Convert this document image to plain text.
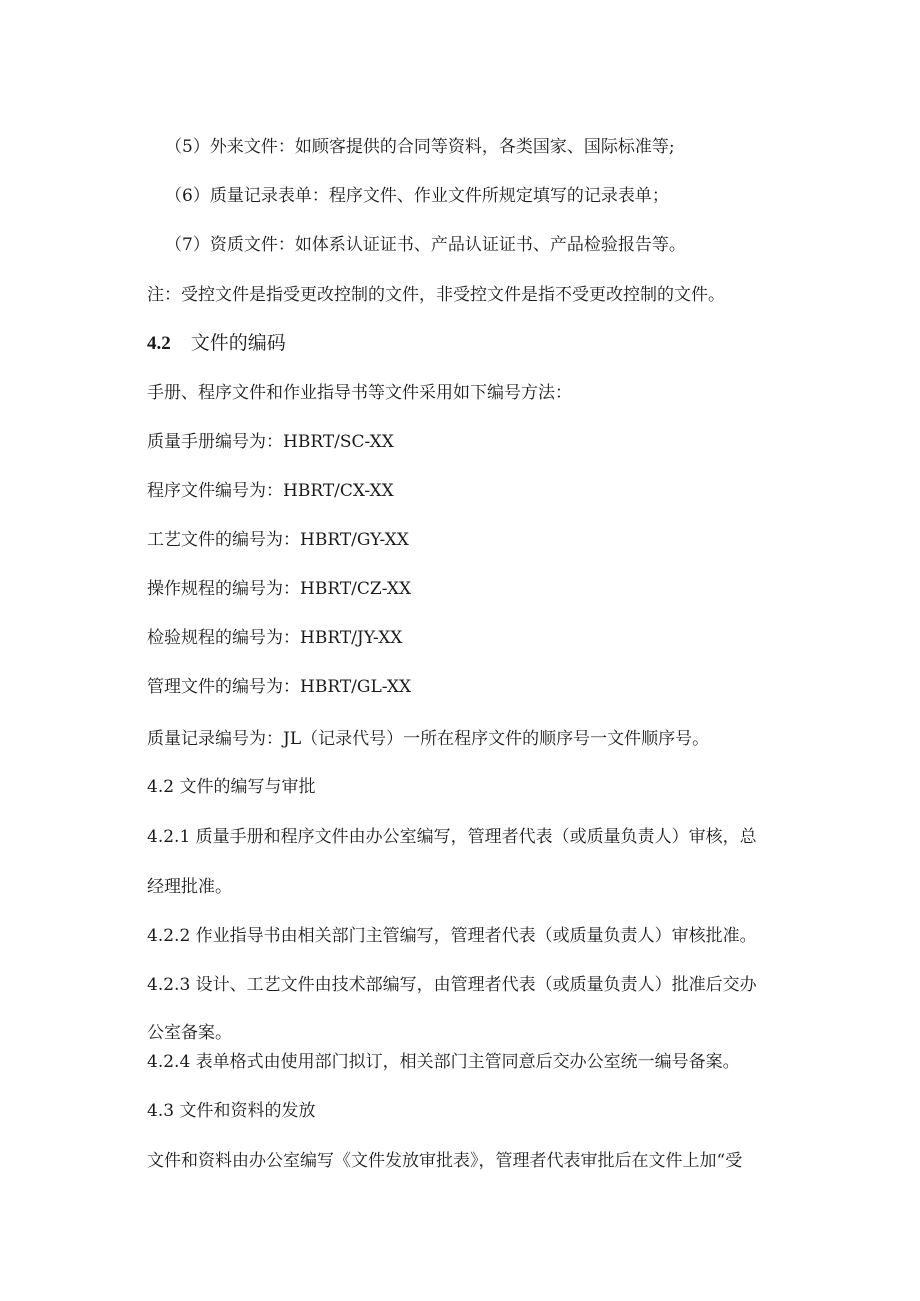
（5）外来文件：如顾客提供的合同等资料，各类国家、国际标准等;

（6）质量记录表单：程序文件、作业文件所规定填写的记录表单；

（7）资质文件：如体系认证证书、产品认证证书、产品检验报告等。

注：受控文件是指受更改控制的文件，非受控文件是指不受更改控制的文件。

4.2 文件的编码

手册、程序文件和作业指导书等文件采用如下编号方法：

质量手册编号为：HBRT/SC-XX

程序文件编号为：HBRT/CX-XX

工艺文件的编号为：HBRT/GY-XX

操作规程的编号为：HBRT/CZ-XX

检验规程的编号为：HBRT/JY-XX

管理文件的编号为：HBRT/GL-XX

质量记录编号为：JL（记录代号）一所在程序文件的顺序号一文件顺序号。

4.2 文件的编写与审批

4.2.1 质量手册和程序文件由办公室编写，管理者代表（或质量负责人）审核，总

经理批准。

4.2.2 作业指导书由相关部门主管编写，管理者代表（或质量负责人）审核批准。

4.2.3 设计、工艺文件由技术部编写，由管理者代表（或质量负责人）批准后交办

公室备案。

4.2.4 表单格式由使用部门拟订，相关部门主管同意后交办公室统一编号备案。

4.3 文件和资料的发放

文件和资料由办公室编写《文件发放审批表》，管理者代表审批后在文件上加“受
